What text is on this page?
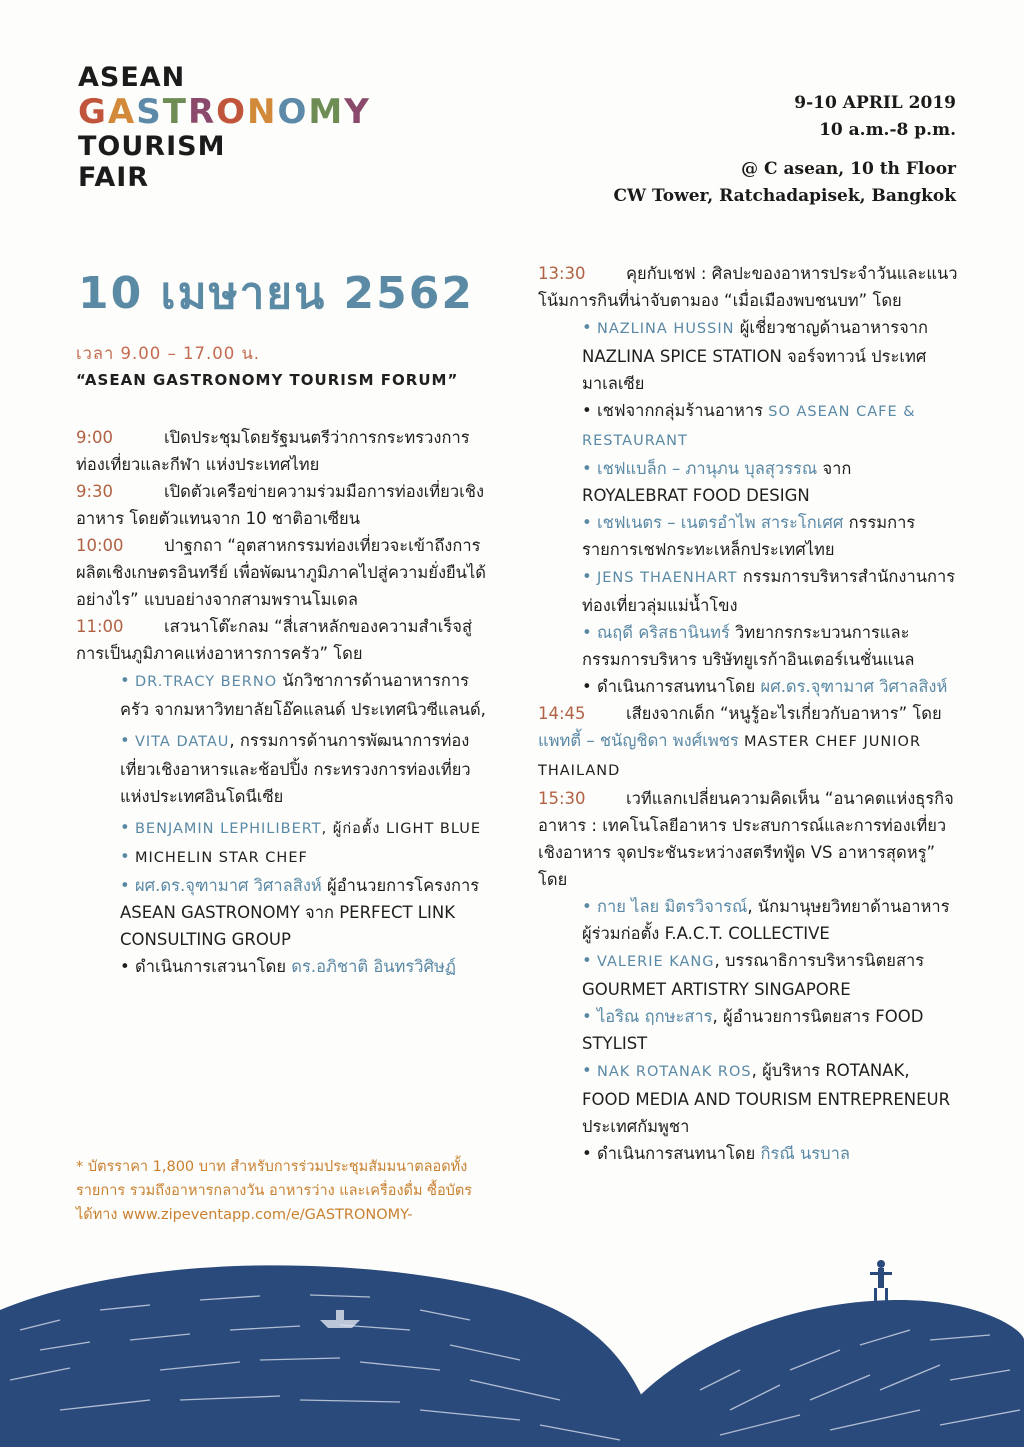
ASEAN
GASTRONOMY
TOURISM
FAIR
9-10 APRIL 2019
10 a.m.-8 p.m.
@ C asean, 10 th Floor
CW Tower, Ratchadapisek, Bangkok
10 เมษายน 2562
เวลา 9.00 – 17.00 น.
“ASEAN GASTRONOMY TOURISM FORUM”
9:00	เปิดประชุมโดยรัฐมนตรีว่าการกระทรวงการท่องเที่ยวและกีฬา แห่งประเทศไทย
9:30	เปิดตัวเครือข่ายความร่วมมือการท่องเที่ยวเชิงอาหาร โดยตัวแทนจาก 10 ชาติอาเซียน
10:00 ปาฐกถา “อุตสาหกรรมท่องเที่ยวจะเข้าถึงการผลิตเชิงเกษตรอินทรีย์ เพื่อพัฒนาภูมิภาคไปสู่ความยั่งยืนได้อย่างไร” แบบอย่างจากสามพรานโมเดล
11:00 เสวนาโต๊ะกลม “สี่เสาหลักของความสำเร็จสู่การเป็นภูมิภาคแห่งอาหารการครัว” โดย
• DR.TRACY BERNO นักวิชาการด้านอาหารการครัว จากมหาวิทยาลัยโอ๊คแลนด์ ประเทศนิวซีแลนด์,
• VITA DATAU, กรรมการด้านการพัฒนาการท่องเที่ยวเชิงอาหารและช้อปปิ้ง กระทรวงการท่องเที่ยว แห่งประเทศอินโดนีเซีย
• BENJAMIN LEPHILIBERT, ผู้ก่อตั้ง LIGHT BLUE
• MICHELIN STAR CHEF
• ผศ.ดร.จุฑามาศ วิศาลสิงห์ ผู้อำนวยการโครงการ ASEAN GASTRONOMY จาก PERFECT LINK CONSULTING GROUP
• ดำเนินการเสวนาโดย ดร.อภิชาติ อินทรวิศิษฏ์
* บัตรราคา 1,800 บาท สำหรับการร่วมประชุมสัมมนาตลอดทั้งรายการ รวมถึงอาหารกลางวัน อาหารว่าง และเครื่องดื่ม ซื้อบัตรได้ทาง www.zipeventapp.com/e/GASTRONOMY-
13:30 คุยกับเชฟ : ศิลปะของอาหารประจำวันและแนวโน้มการกินที่น่าจับตามอง “เมื่อเมืองพบชนบท” โดย
• NAZLINA HUSSIN ผู้เชี่ยวชาญด้านอาหารจาก NAZLINA SPICE STATION จอร์จทาวน์ ประเทศมาเลเซีย
• เชฟจากกลุ่มร้านอาหาร SO ASEAN CAFE & RESTAURANT
• เชฟแบล็ก – ภานุภน บุลสุวรรณ จาก ROYALEBRAT FOOD DESIGN
• เชฟเนตร – เนตรอำไพ สาระโกเศศ กรรมการรายการเชฟกระทะเหล็กประเทศไทย
• JENS THAENHART กรรมการบริหารสำนักงานการท่องเที่ยวลุ่มแม่น้ำโขง
• ณฤดี คริสธานินทร์ วิทยากรกระบวนการและกรรมการบริหาร บริษัทยูเรก้าอินเตอร์เนชั่นแนล
• ดำเนินการสนทนาโดย ผศ.ดร.จุฑามาศ วิศาลสิงห์
14:45 เสียงจากเด็ก “หนูรู้อะไรเกี่ยวกับอาหาร” โดย แพทตี้ – ชนัญชิดา พงศ์เพชร MASTER CHEF JUNIOR THAILAND
15:30 เวทีแลกเปลี่ยนความคิดเห็น “อนาคตแห่งธุรกิจอาหาร : เทคโนโลยีอาหาร ประสบการณ์และการท่องเที่ยวเชิงอาหาร จุดประชันระหว่างสตรีทฟู้ด VS อาหารสุดหรู” โดย
• กาย ไลย มิตรวิจารณ์, นักมานุษยวิทยาด้านอาหาร ผู้ร่วมก่อตั้ง F.A.C.T. COLLECTIVE
• VALERIE KANG, บรรณาธิการบริหารนิตยสาร GOURMET ARTISTRY SINGAPORE
• ไอริณ ฤกษะสาร, ผู้อำนวยการนิตยสาร FOOD STYLIST
• NAK ROTANAK ROS, ผู้บริหาร ROTANAK, FOOD MEDIA AND TOURISM ENTREPRENEUR ประเทศกัมพูชา
• ดำเนินการสนทนาโดย กิรณี นรบาล
